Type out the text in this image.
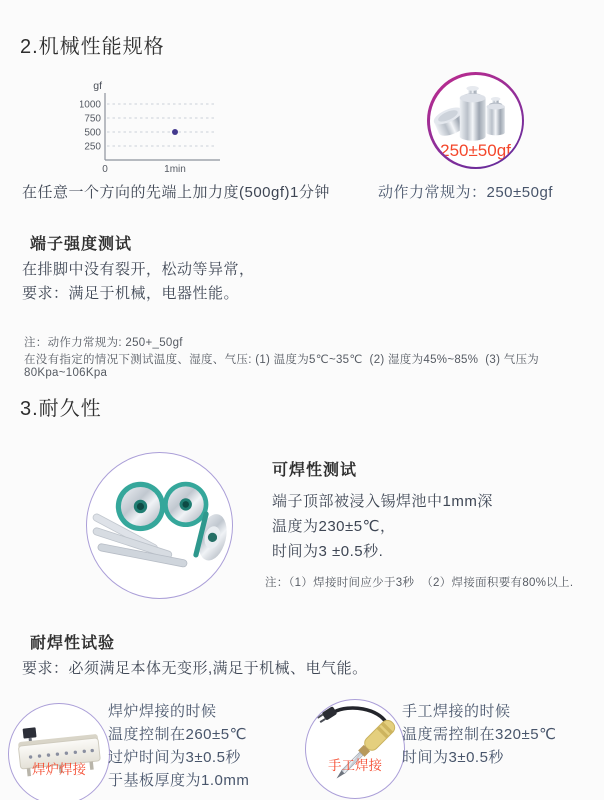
2.机械性能规格
250
500
750
1000
gf
0	1min
250±50gf
在任意一个方向的先端上加力度(500gf)1分钟	动作力常规为：250±50gf
端子强度测试
在排脚中没有裂开，松动等异常，
要求：满足于机械，电器性能。
注：动作力常规为: 250+_50gf
在没有指定的情况下测试温度、湿度、气压: (1) 温度为5℃~35℃  (2) 湿度为45%~85%  (3) 气压为80Kpa~106Kpa
3.耐久性
可焊性测试
端子顶部被浸入锡焊池中1mm深
温度为230±5℃，
时间为3 ±0.5秒.
注：（1）焊接时间应少于3秒  （2）焊接面积要有80%以上.
耐焊性试验
要求：必须满足本体无变形,满足于机械、电气能。
焊炉焊接
焊炉焊接的时候
温度控制在260±5℃
过炉时间为3±0.5秒
于基板厚度为1.0mm
手工焊接
手工焊接的时候
温度需控制在320±5℃
时间为3±0.5秒
